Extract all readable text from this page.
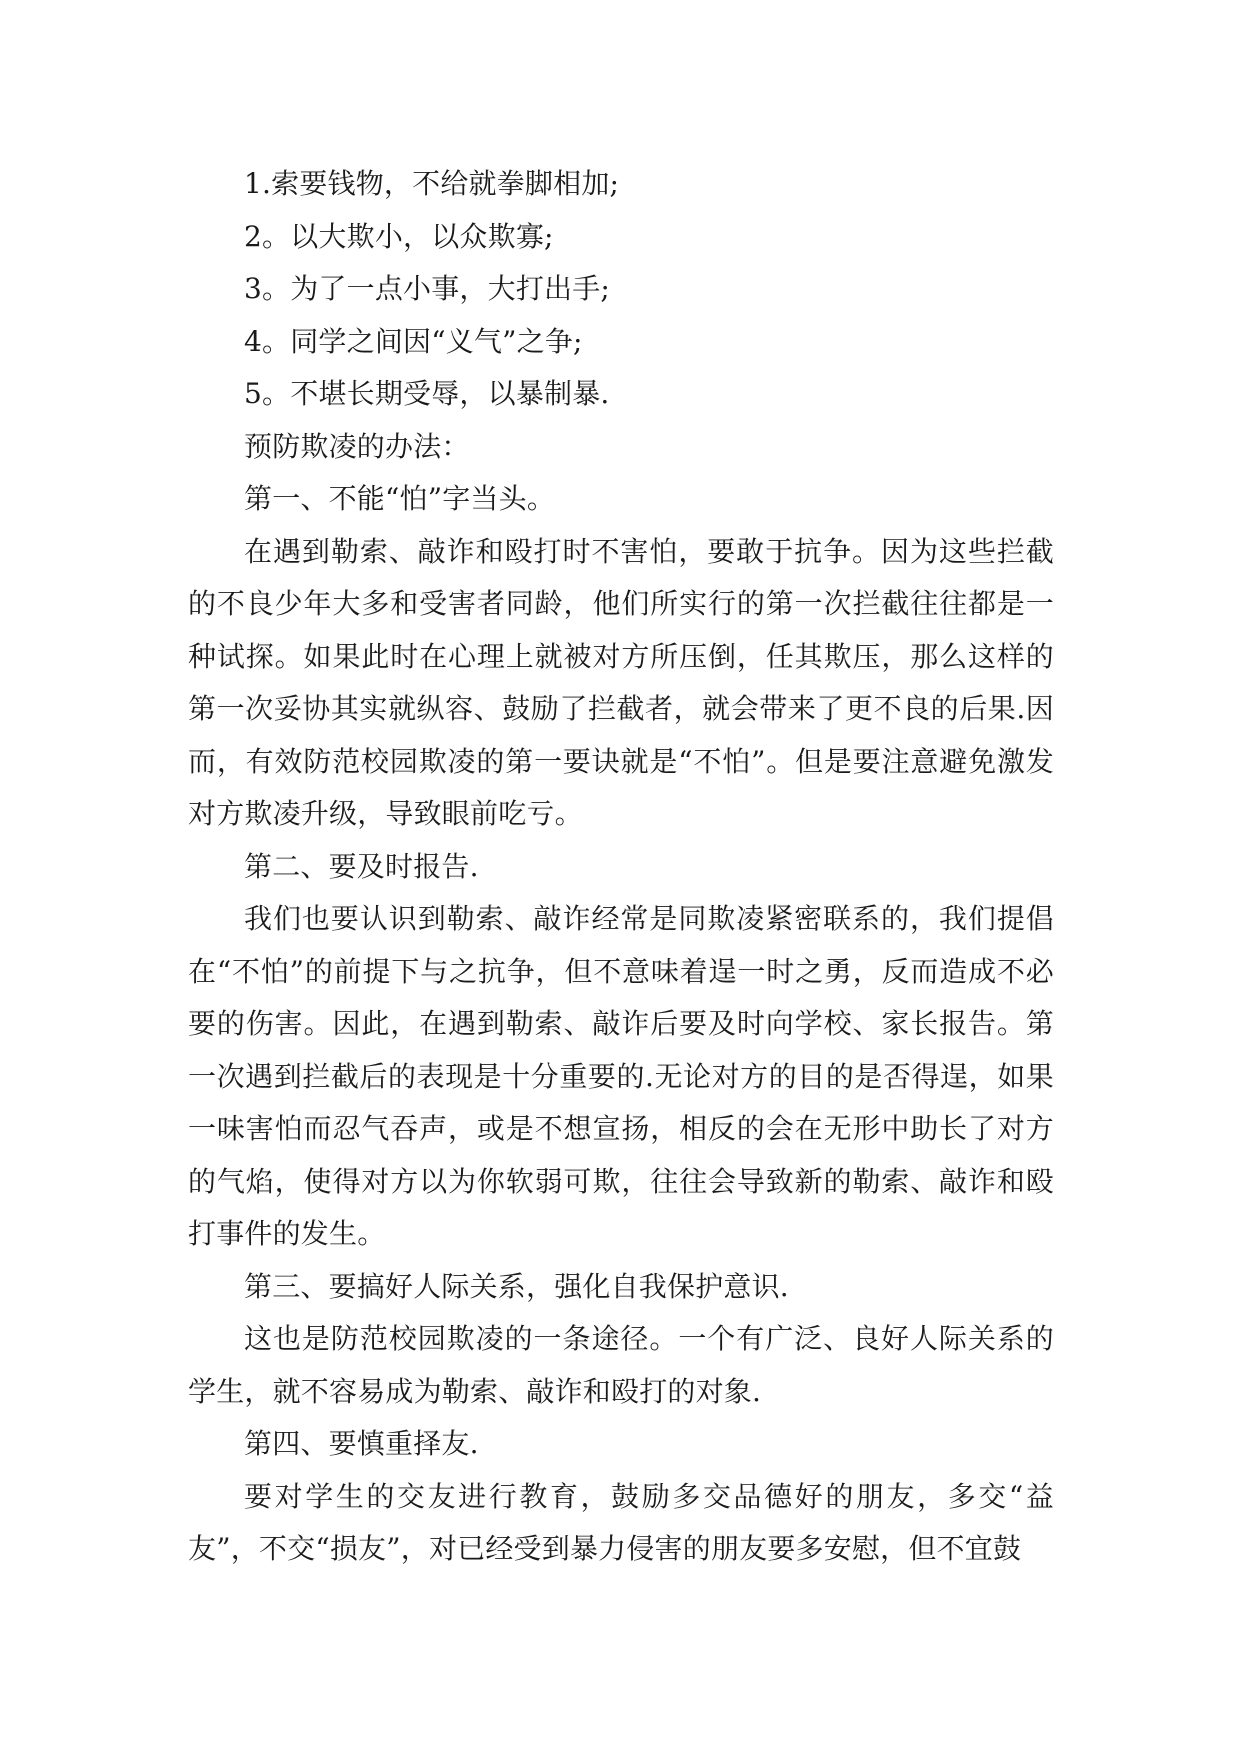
1.索要钱物，不给就拳脚相加;

2。以大欺小，以众欺寡;

3。为了一点小事，大打出手;

4。同学之间因“义气”之争;

5。不堪长期受辱，以暴制暴.

预防欺凌的办法：

第一、不能“怕”字当头。

在遇到勒索、敲诈和殴打时不害怕，要敢于抗争。因为这些拦截的不良少年大多和受害者同龄，他们所实行的第一次拦截往往都是一种试探。如果此时在心理上就被对方所压倒，任其欺压，那么这样的第一次妥协其实就纵容、鼓励了拦截者，就会带来了更不良的后果.因而，有效防范校园欺凌的第一要诀就是“不怕”。但是要注意避免激发对方欺凌升级，导致眼前吃亏。

第二、要及时报告.

我们也要认识到勒索、敲诈经常是同欺凌紧密联系的，我们提倡在“不怕”的前提下与之抗争，但不意味着逞一时之勇，反而造成不必要的伤害。因此，在遇到勒索、敲诈后要及时向学校、家长报告。第一次遇到拦截后的表现是十分重要的.无论对方的目的是否得逞，如果一味害怕而忍气吞声，或是不想宣扬，相反的会在无形中助长了对方的气焰，使得对方以为你软弱可欺，往往会导致新的勒索、敲诈和殴打事件的发生。

第三、要搞好人际关系，强化自我保护意识.

这也是防范校园欺凌的一条途径。一个有广泛、良好人际关系的学生，就不容易成为勒索、敲诈和殴打的对象.

第四、要慎重择友.

要对学生的交友进行教育，鼓励多交品德好的朋友，多交“益友”，不交“损友”，对已经受到暴力侵害的朋友要多安慰，但不宜鼓
